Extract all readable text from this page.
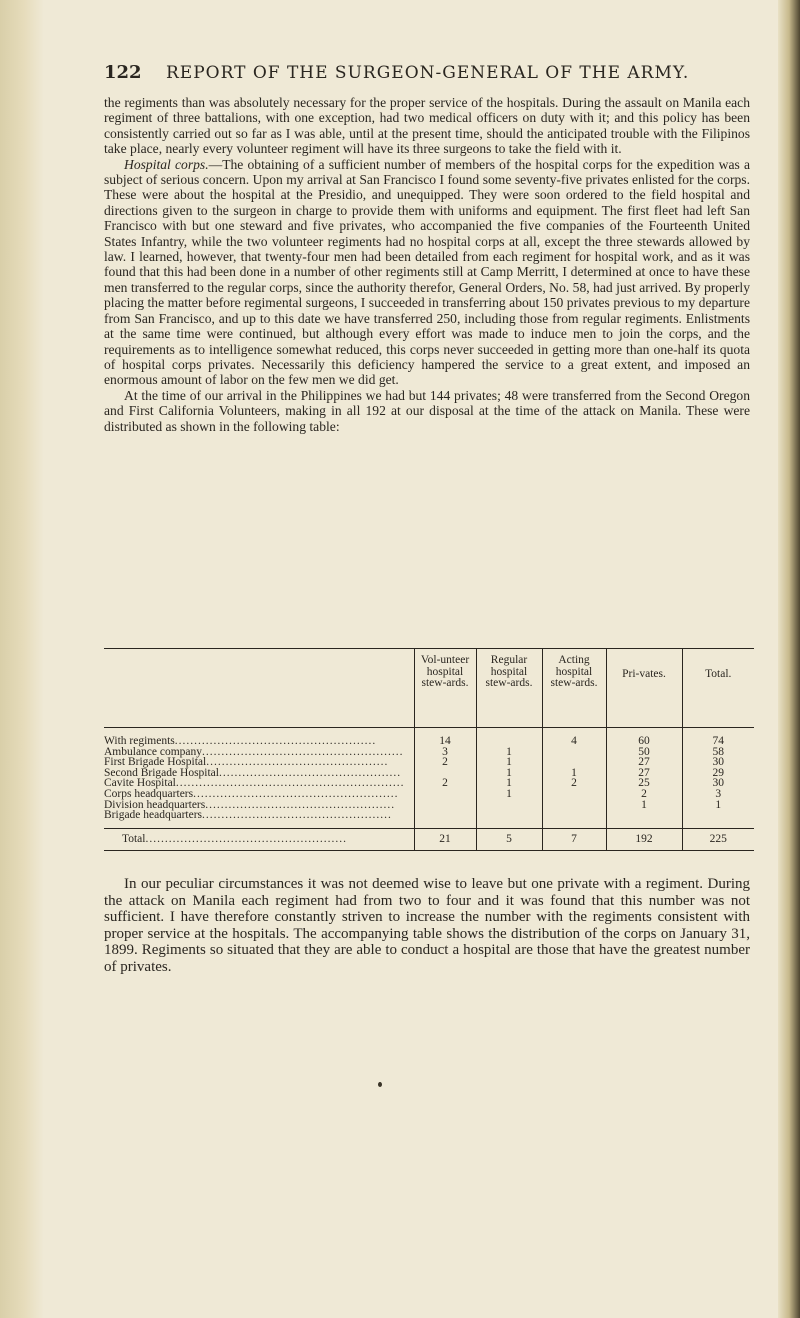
122 REPORT OF THE SURGEON-GENERAL OF THE ARMY.

the regiments than was absolutely necessary for the proper service of the hospitals. During the assault on Manila each regiment of three battalions, with one exception, had two medical officers on duty with it; and this policy has been consistently carried out so far as I was able, until at the present time, should the anticipated trouble with the Filipinos take place, nearly every volunteer regiment will have its three surgeons to take the field with it.

Hospital corps.—The obtaining of a sufficient number of members of the hospital corps for the expedition was a subject of serious concern. Upon my arrival at San Francisco I found some seventy-five privates enlisted for the corps. These were about the hospital at the Presidio, and unequipped. They were soon ordered to the field hospital and directions given to the surgeon in charge to provide them with uniforms and equipment. The first fleet had left San Francisco with but one steward and five privates, who accompanied the five companies of the Fourteenth United States Infantry, while the two volunteer regiments had no hospital corps at all, except the three stewards allowed by law. I learned, however, that twenty-four men had been detailed from each regiment for hospital work, and as it was found that this had been done in a number of other regiments still at Camp Merritt, I determined at once to have these men transferred to the regular corps, since the authority therefor, General Orders, No. 58, had just arrived. By properly placing the matter before regimental surgeons, I succeeded in transferring about 150 privates previous to my departure from San Francisco, and up to this date we have transferred 250, including those from regular regiments. Enlistments at the same time were continued, but although every effort was made to induce men to join the corps, and the requirements as to intelligence somewhat reduced, this corps never succeeded in getting more than one-half its quota of hospital corps privates. Necessarily this deficiency hampered the service to a great extent, and imposed an enormous amount of labor on the few men we did get.

At the time of our arrival in the Philippines we had but 144 privates; 48 were transferred from the Second Oregon and First California Volunteers, making in all 192 at our disposal at the time of the attack on Manila. These were distributed as shown in the following table:

	Vol-unteer hospital stew-ards.	Regular hospital stew-ards.	Acting hospital stew-ards.	Pri-vates.	Total.
With regiments....................................................	14		4	60	74
Ambulance company....................................................	3	1		50	58
First Brigade Hospital...............................................	2	1		27	30
Second Brigade Hospital...............................................		1	1	27	29
Cavite Hospital...........................................................	2	1	2	25	30
Corps headquarters.....................................................		1		2	3
Division headquarters.................................................				1	1
Brigade headquarters.................................................					
Total....................................................	21	5	7	192	225

In our peculiar circumstances it was not deemed wise to leave but one private with a regiment. During the attack on Manila each regiment had from two to four and it was found that this number was not sufficient. I have therefore constantly striven to increase the number with the regiments consistent with proper service at the hospitals. The accompanying table shows the distribution of the corps on January 31, 1899. Regiments so situated that they are able to conduct a hospital are those that have the greatest number of privates.
